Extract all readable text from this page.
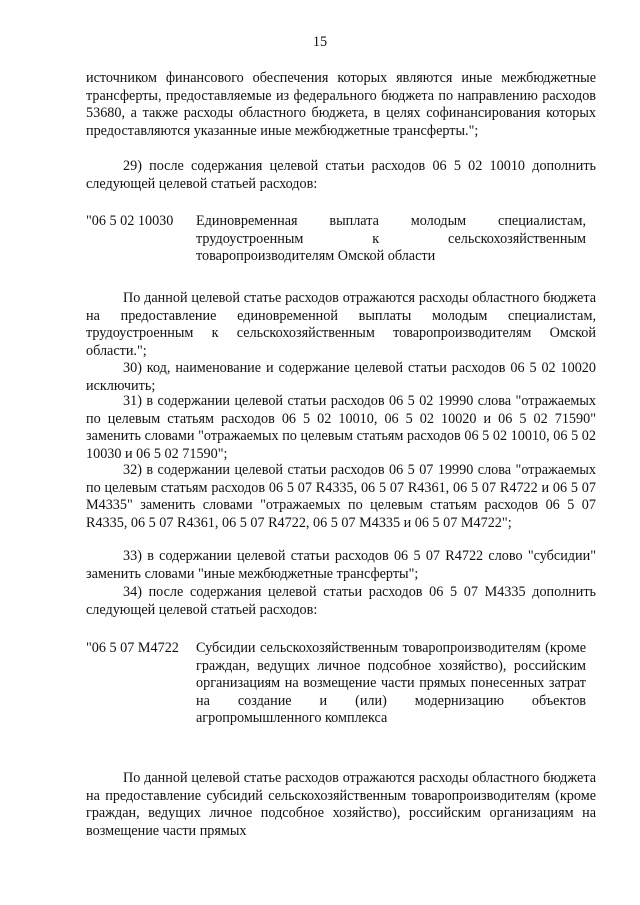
15

источником финансового обеспечения которых являются иные межбюджетные трансферты, предоставляемые из федерального бюджета по направлению расходов 53680, а также расходы областного бюджета, в целях софинансирования которых предоставляются указанные иные межбюджетные трансферты.";

29) после содержания целевой статьи расходов 06 5 02 10010 дополнить следующей целевой статьей расходов:

"06 5 02 10030 Единовременная выплата молодым специалистам, трудоустроенным к сельскохозяйственным товаропроизводителям Омской области

По данной целевой статье расходов отражаются расходы областного бюджета на предоставление единовременной выплаты молодым специалистам, трудоустроенным к сельскохозяйственным товаропроизводителям Омской области.";

30) код, наименование и содержание целевой статьи расходов 06 5 02 10020 исключить;

31) в содержании целевой статьи расходов 06 5 02 19990 слова "отражаемых по целевым статьям расходов 06 5 02 10010, 06 5 02 10020 и 06 5 02 71590" заменить словами "отражаемых по целевым статьям расходов 06 5 02 10010, 06 5 02 10030 и 06 5 02 71590";

32) в содержании целевой статьи расходов 06 5 07 19990 слова "отражаемых по целевым статьям расходов 06 5 07 R4335, 06 5 07 R4361, 06 5 07 R4722 и 06 5 07 M4335" заменить словами "отражаемых по целевым статьям расходов 06 5 07 R4335, 06 5 07 R4361, 06 5 07 R4722, 06 5 07 M4335 и 06 5 07 M4722";

33) в содержании целевой статьи расходов 06 5 07 R4722 слово "субсидии" заменить словами "иные межбюджетные трансферты";

34) после содержания целевой статьи расходов 06 5 07 M4335 дополнить следующей целевой статьей расходов:

"06 5 07 M4722 Субсидии сельскохозяйственным товаропроизводителям (кроме граждан, ведущих личное подсобное хозяйство), российским организациям на возмещение части прямых понесенных затрат на создание и (или) модернизацию объектов агропромышленного комплекса

По данной целевой статье расходов отражаются расходы областного бюджета на предоставление субсидий сельскохозяйственным товаропроизводителям (кроме граждан, ведущих личное подсобное хозяйство), российским организациям на возмещение части прямых
